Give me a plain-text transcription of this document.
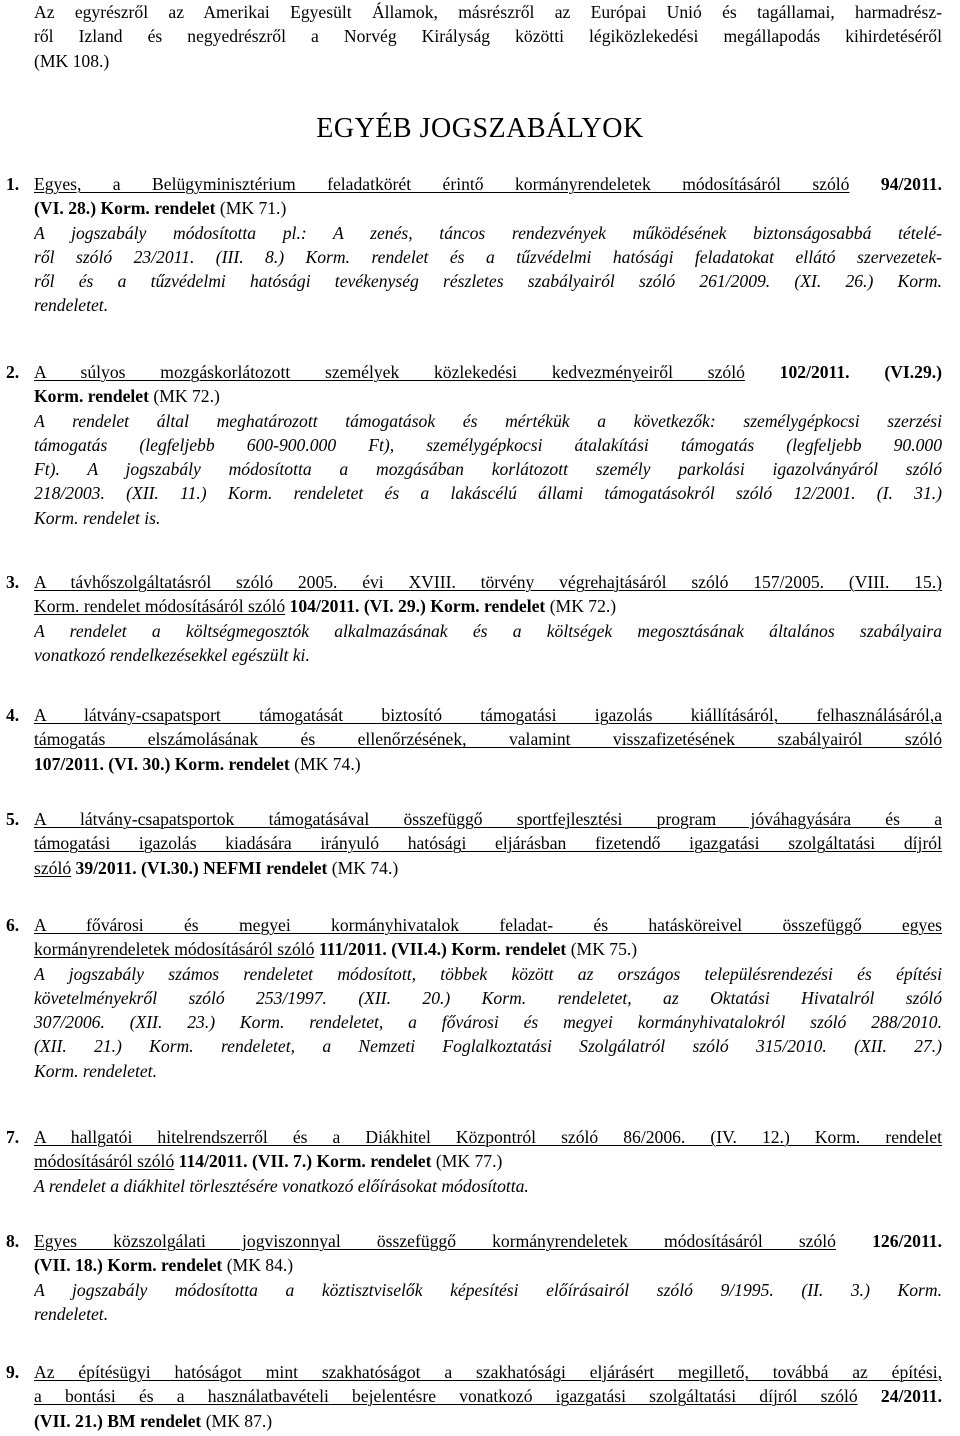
Az egyrészről az Amerikai Egyesült Államok, másrészről az Európai Unió és tagállamai, harmadrész-
ről Izland és negyedrészről a Norvég Királyság közötti légiközlekedési megállapodás kihirdetéséről
(MK 108.)
EGYÉB JOGSZABÁLYOK
1. Egyes, a Belügyminisztérium feladatkörét érintő kormányrendeletek módosításáról szóló 94/2011.
(VI. 28.) Korm. rendelet (MK 71.)
A jogszabály módosította pl.: A zenés, táncos rendezvények működésének biztonságosabbá tételé-
ről szóló 23/2011. (III. 8.) Korm. rendelet és a tűzvédelmi hatósági feladatokat ellátó szervezetek-
ről és a tűzvédelmi hatósági tevékenység részletes szabályairól szóló 261/2009. (XI. 26.) Korm.
rendeletet.
2. A súlyos mozgáskorlátozott személyek közlekedési kedvezményeiről szóló 102/2011. (VI.29.)
Korm. rendelet (MK 72.)
A rendelet által meghatározott támogatások és mértékük a következők: személygépkocsi szerzési
támogatás (legfeljebb 600-900.000 Ft), személygépkocsi átalakítási támogatás (legfeljebb 90.000
Ft). A jogszabály módosította a mozgásában korlátozott személy parkolási igazolványáról szóló
218/2003. (XII. 11.) Korm. rendeletet és a lakáscélú állami támogatásokról szóló 12/2001. (I. 31.)
Korm. rendelet is.
3. A távhőszolgáltatásról szóló 2005. évi XVIII. törvény végrehajtásáról szóló 157/2005. (VIII. 15.)
Korm. rendelet módosításáról szóló 104/2011. (VI. 29.) Korm. rendelet (MK 72.)
A rendelet a költségmegosztók alkalmazásának és a költségek megosztásának általános szabályaira
vonatkozó rendelkezésekkel egészült ki.
4. A látvány-csapatsport támogatását biztosító támogatási igazolás kiállításáról, felhasználásáról,a
támogatás elszámolásának és ellenőrzésének, valamint visszafizetésének szabályairól szóló
107/2011. (VI. 30.) Korm. rendelet (MK 74.)
5. A látvány-csapatsportok támogatásával összefüggő sportfejlesztési program jóváhagyására és a
támogatási igazolás kiadására irányuló hatósági eljárásban fizetendő igazgatási szolgáltatási díjról
szóló 39/2011. (VI.30.) NEFMI rendelet (MK 74.)
6. A fővárosi és megyei kormányhivatalok feladat- és hatásköreivel összefüggő egyes
kormányrendeletek módosításáról szóló 111/2011. (VII.4.) Korm. rendelet (MK 75.)
A jogszabály számos rendeletet módosított, többek között az országos településrendezési és építési
követelményekről szóló 253/1997. (XII. 20.) Korm. rendeletet, az Oktatási Hivatalról szóló
307/2006. (XII. 23.) Korm. rendeletet, a fővárosi és megyei kormányhivatalokról szóló 288/2010.
(XII. 21.) Korm. rendeletet, a Nemzeti Foglalkoztatási Szolgálatról szóló 315/2010. (XII. 27.)
Korm. rendeletet.
7. A hallgatói hitelrendszerről és a Diákhitel Központról szóló 86/2006. (IV. 12.) Korm. rendelet
módosításáról szóló 114/2011. (VII. 7.) Korm. rendelet (MK 77.)
A rendelet a diákhitel törlesztésére vonatkozó előírásokat módosította.
8. Egyes közszolgálati jogviszonnyal összefüggő kormányrendeletek módosításáról szóló 126/2011.
(VII. 18.) Korm. rendelet (MK 84.)
A jogszabály módosította a köztisztviselők képesítési előírásairól szóló 9/1995. (II. 3.) Korm.
rendeletet.
9. Az építésügyi hatóságot mint szakhatóságot a szakhatósági eljárásért megillető, továbbá az építési,
a bontási és a használatbavételi bejelentésre vonatkozó igazgatási szolgáltatási díjról szóló 24/2011.
(VII. 21.) BM rendelet (MK 87.)
